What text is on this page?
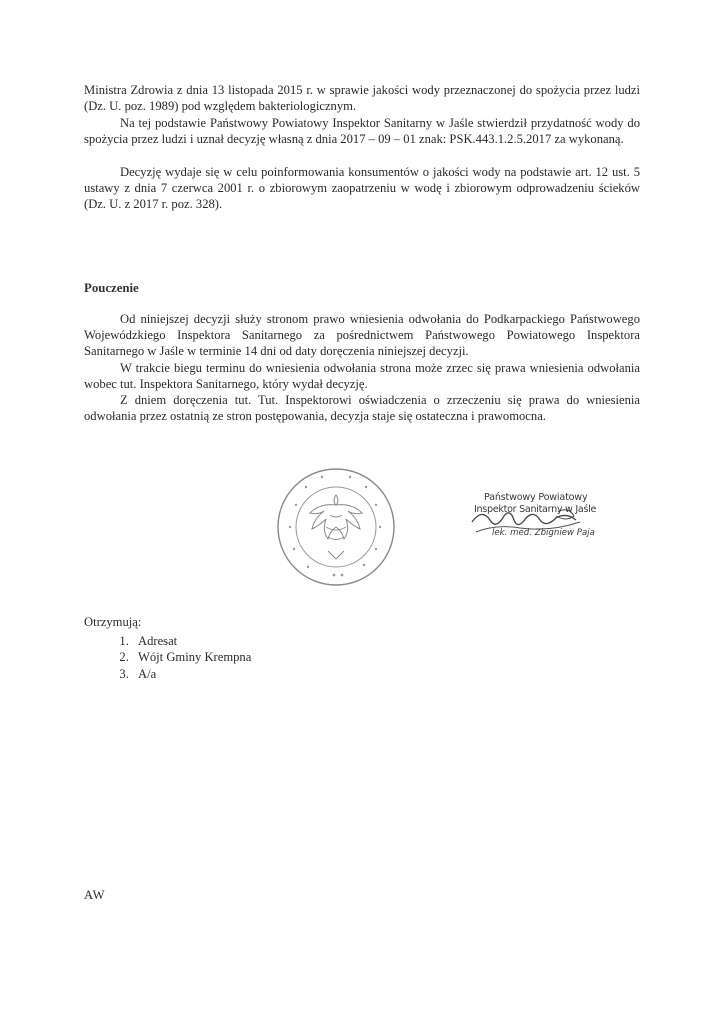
Ministra Zdrowia z dnia 13 listopada 2015 r. w sprawie jakości wody przeznaczonej do spożycia przez ludzi (Dz. U. poz. 1989) pod względem bakteriologicznym.

Na tej podstawie Państwowy Powiatowy Inspektor Sanitarny w Jaśle stwierdził przydatność wody do spożycia przez ludzi i uznał decyzję własną z dnia 2017 – 09 – 01 znak: PSK.443.1.2.5.2017 za wykonaną.

Decyzję wydaje się w celu poinformowania konsumentów o jakości wody na podstawie art. 12 ust. 5 ustawy z dnia 7 czerwca 2001 r. o zbiorowym zaopatrzeniu w wodę i zbiorowym odprowadzeniu ścieków (Dz. U. z 2017 r. poz. 328).

Pouczenie

Od niniejszej decyzji służy stronom prawo wniesienia odwołania do Podkarpackiego Państwowego Wojewódzkiego Inspektora Sanitarnego za pośrednictwem Państwowego Powiatowego Inspektora Sanitarnego w Jaśle w terminie 14 dni od daty doręczenia niniejszej decyzji.

W trakcie biegu terminu do wniesienia odwołania strona może zrzec się prawa wniesienia odwołania wobec tut. Inspektora Sanitarnego, który wydał decyzję.

Z dniem doręczenia tut. Tut. Inspektorowi oświadczenia o zrzeczeniu się prawa do wniesienia odwołania przez ostatnią ze stron postępowania, decyzja staje się ostateczna i prawomocna.

Państwowy Powiatowy
Inspektor Sanitarny w Jaśle
lek. med. Zbigniew Paja

Otrzymują:

1. Adresat
2. Wójt Gminy Krempna
3. A/a
AW
